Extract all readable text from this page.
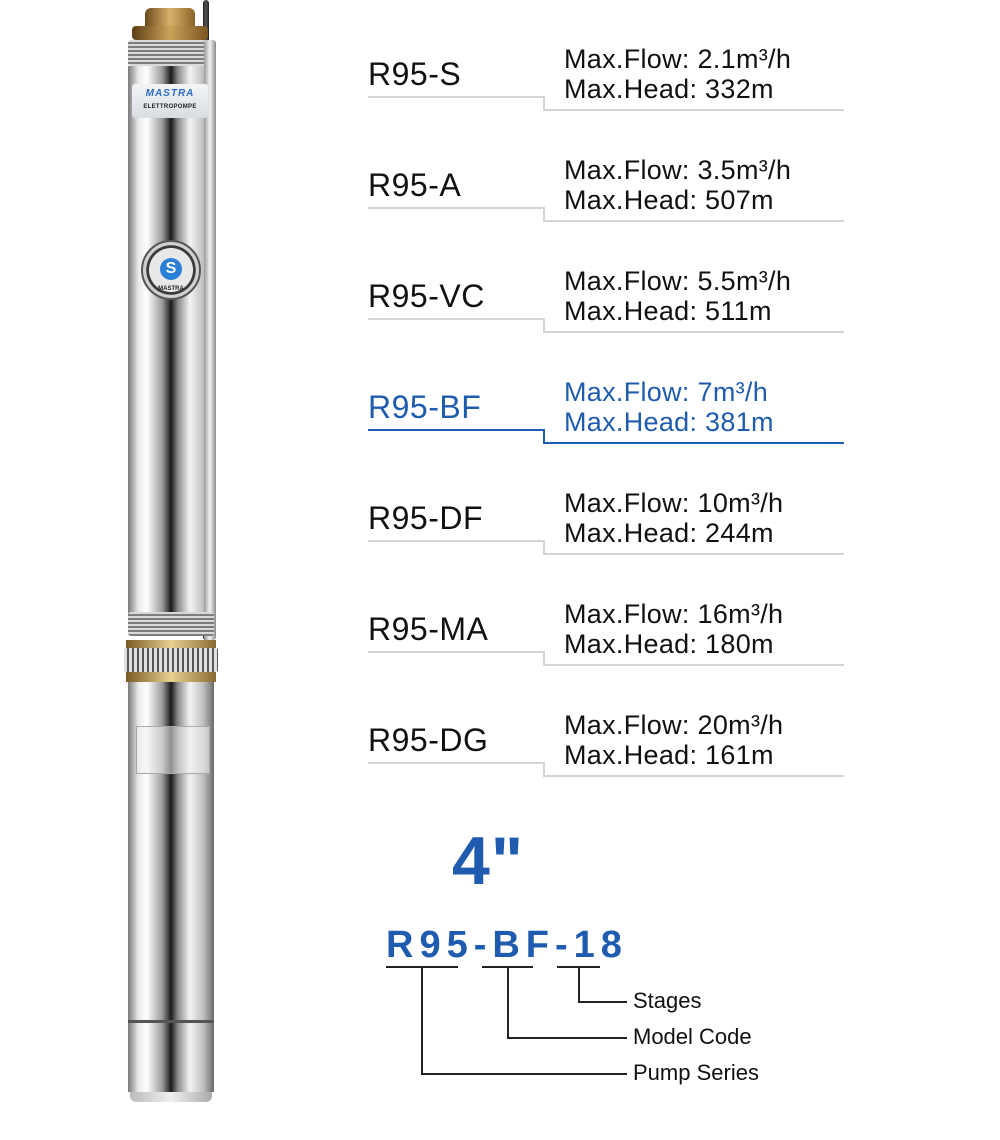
MASTRA
ELETTROPOMPE
S
MASTRA
R95-S	Max.Flow: 2.1m³/h
Max.Head: 332m
R95-A	Max.Flow: 3.5m³/h
Max.Head: 507m
R95-VC	Max.Flow: 5.5m³/h
Max.Head: 511m
R95-BF	Max.Flow: 7m³/h
Max.Head: 381m
R95-DF	Max.Flow: 10m³/h
Max.Head: 244m
R95-MA	Max.Flow: 16m³/h
Max.Head: 180m
R95-DG	Max.Flow: 20m³/h
Max.Head: 161m
4"
R95-BF-18
Stages
Model Code
Pump Series
